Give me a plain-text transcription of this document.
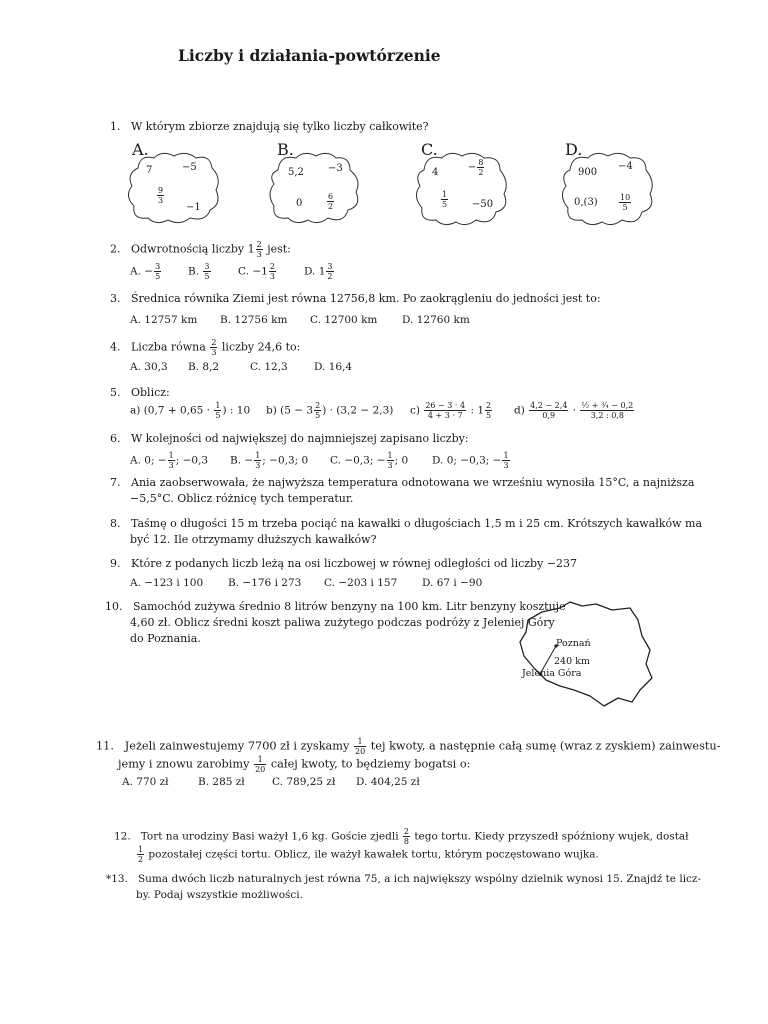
Liczby i działania-powtórzenie
1. W którym zbiorze znajdują się tylko liczby całkowite?
A.
7	−5
$\frac{9}{3}$
−1
B.
5,2 −3
0	$\frac{6}{2}$
C.
4	− $\frac{8}{2}$
$\frac{1}{5} -50$
D.
900
−4
0,(3)	$\frac{10}{5}$
2. Odwrotnością liczby $1 \frac{2}{3}$ jest:
A. − $\frac{3}{5}$	B. $\frac{3}{5}$	C. $-1 \frac{2}{3}$	D. $1 \frac{3}{2}$
3. Średnica równika Ziemi jest równa 12756,8 km. Po zaokrągleniu do jedności jest to:
A. 12757 km B. 12756 km C. 12700 km D. 12760 km
4. Liczba równa $\frac{2}{3}$ liczby 24,6 to:
A. 30,3 B. 8,2	C. 12,3	D. 16,4
5. Oblicz:
a) ($0,7 + 0,65 \cdot \frac{1}{5}$ ) : 10 b) ($5 - 3 \frac{2}{5}$ ) · (3,2 − 2,3) $c) \frac{26 - 3 \cdot 4}{4 + 3 \cdot 7}$ : $1 \frac{2}{5} d) \frac{4,2 - 2,4}{0,9} \cdot \frac{\text{½ + ¾ − 0,2}}{3,2 : 0,8}$
6. W kolejności od największej do najmniejszej zapisano liczby:
A. 0; − $\frac{1}{3}$ ; −0,3 B. − $\frac{1}{3}$ ; −0,3; 0 C. −0,3; − $\frac{1}{3}$ ; 0 D. 0; −0,3; − $\frac{1}{3}$
7. Ania zaobserwowała, że najwyższa temperatura odnotowana we wrześniu wynosiła 15°C, a najniższa
−5,5°C. Oblicz różnicę tych temperatur.
8. Taśmę o długości 15 m trzeba pociąć na kawałki o długościach 1,5 m i 25 cm. Krótszych kawałków ma
być 12. Ile otrzymamy dłuższych kawałków?
9. Które z podanych liczb leżą na osi liczbowej w równej odległości od liczby −237
A. −123 i 100 B. −176 i 273 C. −203 i 157 D. 67 i −90
10. Samochód zużywa średnio 8 litrów benzyny na 100 km. Litr benzyny kosztuje
4,60 zł. Oblicz średni koszt paliwa zużytego podczas podróży z Jeleniej Góry
do Poznania.	Poznań
240 km
Jelenia Góra
11. Jeżeli zainwestujemy 7700 zł i zyskamy $\frac{1}{20}$ tej kwoty, a następnie całą sumę (wraz z zyskiem) zainwestu-
jemy i znowu zarobimy $\frac{1}{20}$ całej kwoty, to będziemy bogatsi o:
A. 770 zł	B. 285 zł	C. 789,25 zł D. 404,25 zł
12. Tort na urodziny Basi ważył 1,6 kg. Goście zjedli $\frac{2}{8}$ tego tortu. Kiedy przyszedł spóźniony wujek, dostał
$\frac{1}{2}$ pozostałej części tortu. Oblicz, ile ważył kawałek tortu, którym poczęstowano wujka.
*13. Suma dwóch liczb naturalnych jest równa 75, a ich największy wspólny dzielnik wynosi 15. Znajdź te licz-
by. Podaj wszystkie możliwości.
